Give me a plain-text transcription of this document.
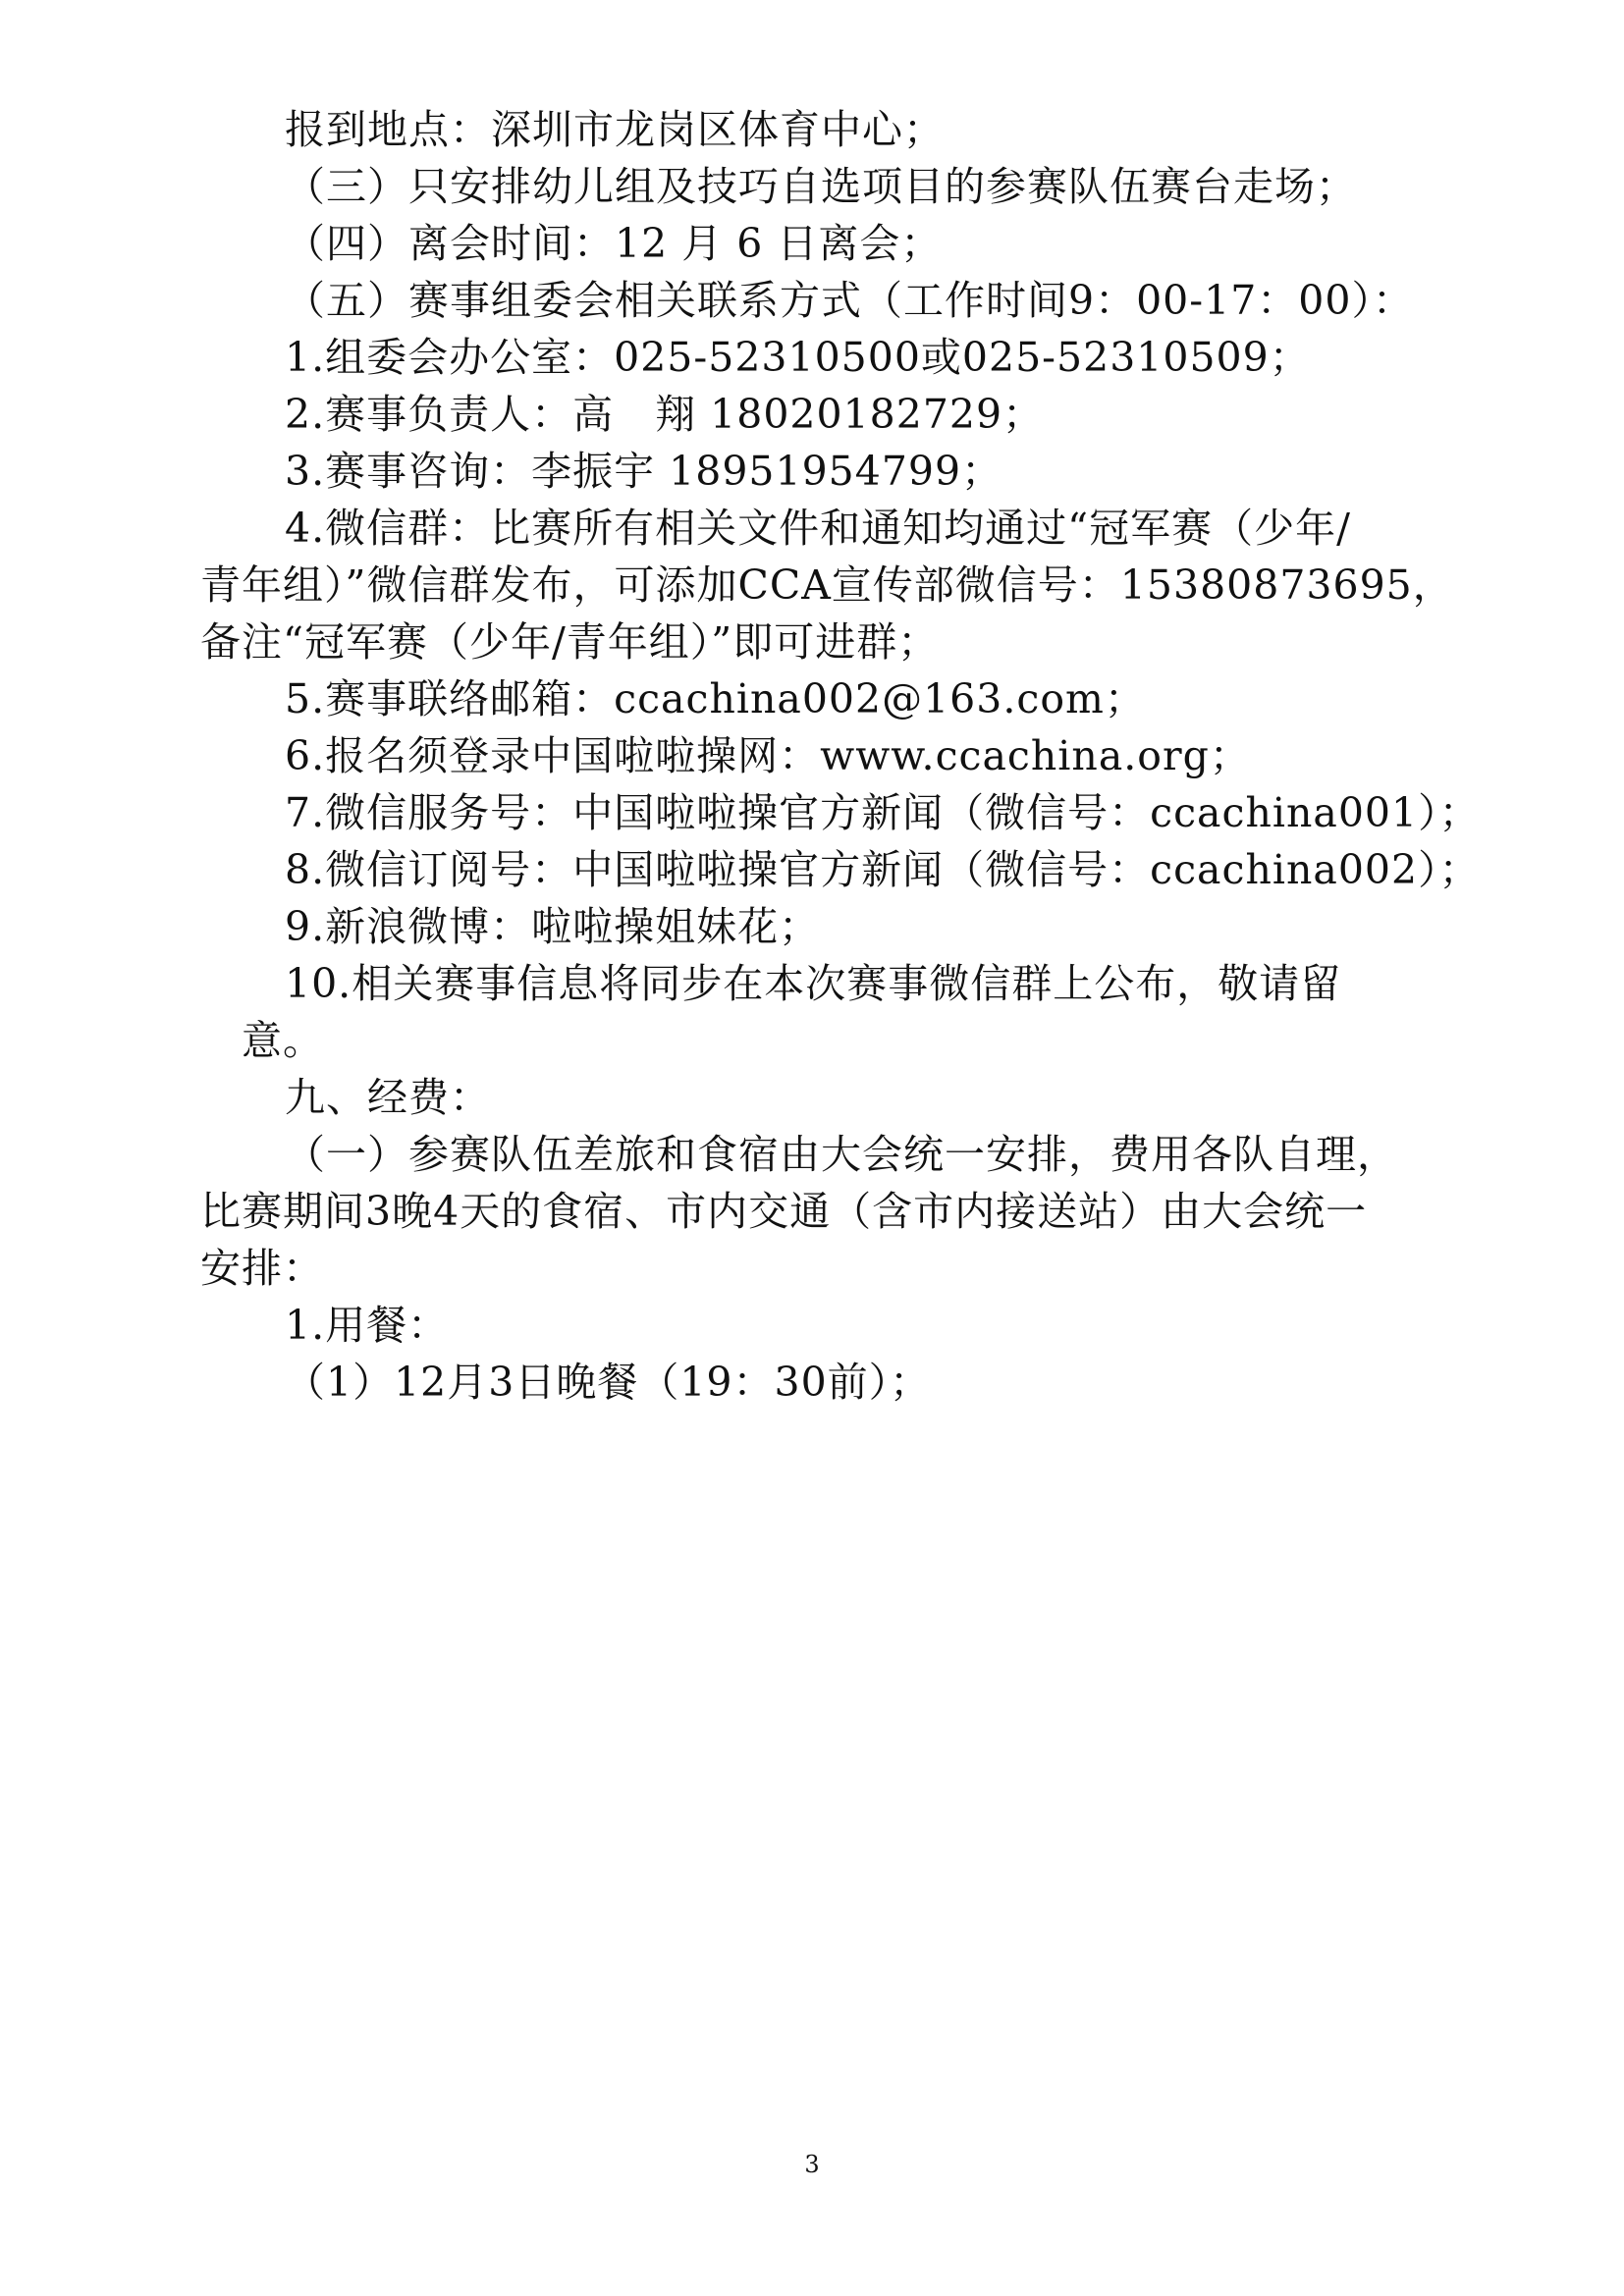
报到地点：深圳市龙岗区体育中心；
（三）只安排幼儿组及技巧自选项目的参赛队伍赛台走场；
（四）离会时间：12 月 6 日离会；
（五）赛事组委会相关联系方式（工作时间9：00-17：00）：
1.组委会办公室：025-52310500或025-52310509；
2.赛事负责人：高　翔 18020182729；
3.赛事咨询：李振宇 18951954799；
4.微信群：比赛所有相关文件和通知均通过“冠军赛（少年/
青年组）”微信群发布，可添加CCA宣传部微信号：15380873695，
备注“冠军赛（少年/青年组）”即可进群；
5.赛事联络邮箱：ccachina002@163.com；
6.报名须登录中国啦啦操网：www.ccachina.org；
7.微信服务号：中国啦啦操官方新闻（微信号：ccachina001）；
8.微信订阅号：中国啦啦操官方新闻（微信号：ccachina002）；
9.新浪微博：啦啦操姐妹花；
10.相关赛事信息将同步在本次赛事微信群上公布，敬请留
意。
九、经费：
（一）参赛队伍差旅和食宿由大会统一安排，费用各队自理，
比赛期间3晚4天的食宿、市内交通（含市内接送站）由大会统一
安排：
1.用餐：
（1）12月3日晚餐（19：30前）；
3
